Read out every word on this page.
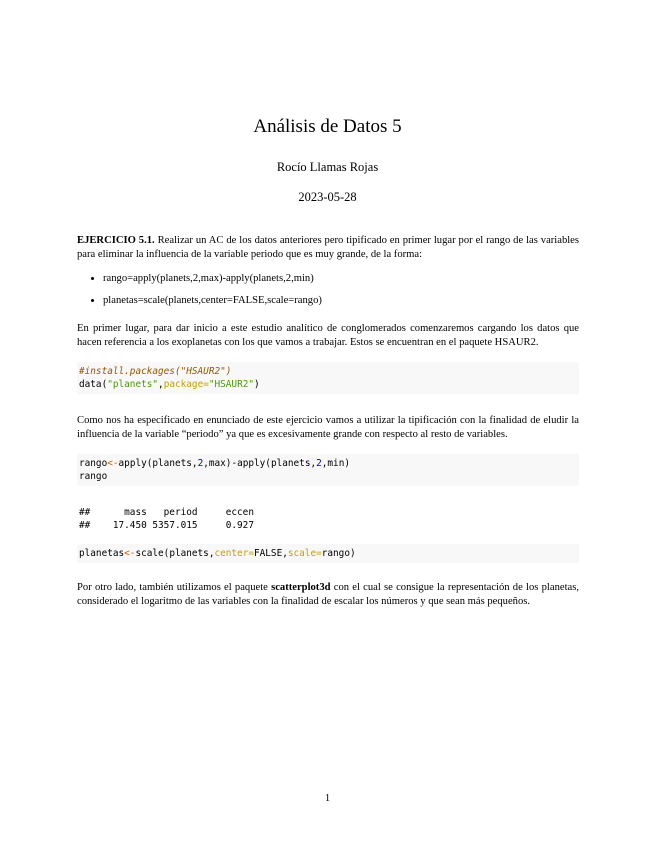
Análisis de Datos 5
Rocío Llamas Rojas
2023-05-28

EJERCICIO 5.1. Realizar un AC de los datos anteriores pero tipificado en primer lugar por el rango de las variables para eliminar la influencia de la variable periodo que es muy grande, de la forma:

• rango=apply(planets,2,max)-apply(planets,2,min)
• planetas=scale(planets,center=FALSE,scale=rango)

En primer lugar, para dar inicio a este estudio analítico de conglomerados comenzaremos cargando los datos que hacen referencia a los exoplanetas con los que vamos a trabajar. Estos se encuentran en el paquete HSAUR2.

#install.packages("HSAUR2")
data("planets",package="HSAUR2")

Como nos ha especificado en enunciado de este ejercicio vamos a utilizar la tipificación con la finalidad de eludir la influencia de la variable “periodo” ya que es excesivamente grande con respecto al resto de variables.

rango<-apply(planets,2,max)-apply(planets,2,min)
rango
##      mass   period     eccen
##    17.450 5357.015     0.927
planetas<-scale(planets,center=FALSE,scale=rango)

Por otro lado, también utilizamos el paquete scatterplot3d con el cual se consigue la representación de los planetas, considerado el logaritmo de las variables con la finalidad de escalar los números y que sean más pequeños.

1
